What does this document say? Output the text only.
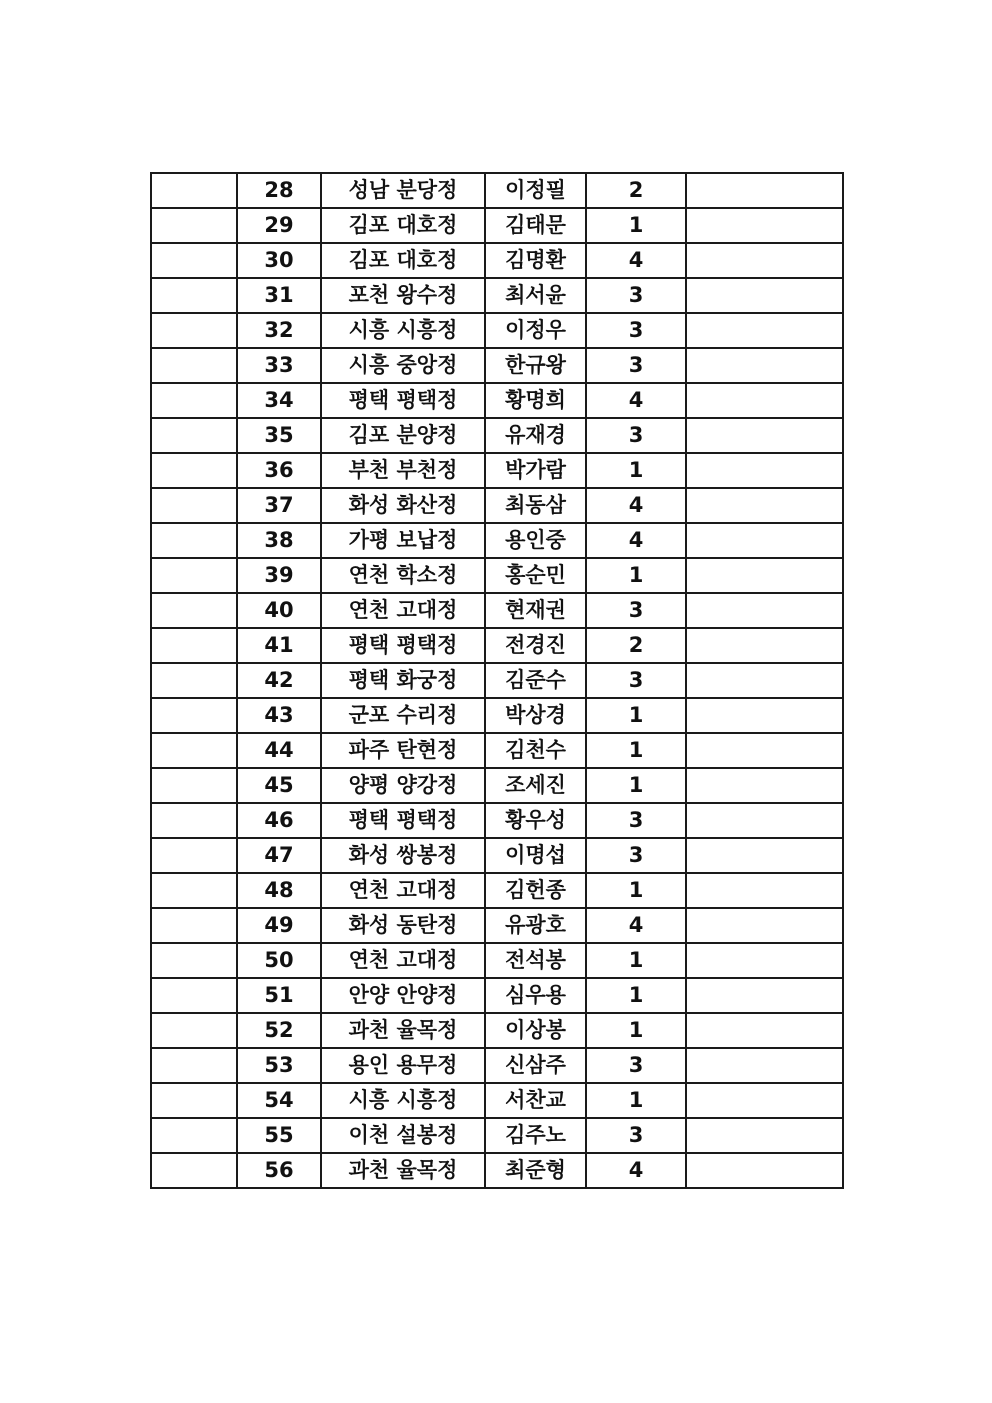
	28	성남 분당정	이정필	2	
	29	김포 대호정	김태문	1	
	30	김포 대호정	김명환	4	
	31	포천 왕수정	최서윤	3	
	32	시흥 시흥정	이정우	3	
	33	시흥 중앙정	한규왕	3	
	34	평택 평택정	황명희	4	
	35	김포 분양정	유재경	3	
	36	부천 부천정	박가람	1	
	37	화성 화산정	최동삼	4	
	38	가평 보납정	용인중	4	
	39	연천 학소정	홍순민	1	
	40	연천 고대정	현재권	3	
	41	평택 평택정	전경진	2	
	42	평택 화궁정	김준수	3	
	43	군포 수리정	박상경	1	
	44	파주 탄현정	김천수	1	
	45	양평 양강정	조세진	1	
	46	평택 평택정	황우성	3	
	47	화성 쌍봉정	이명섭	3	
	48	연천 고대정	김헌종	1	
	49	화성 동탄정	유광호	4	
	50	연천 고대정	전석봉	1	
	51	안양 안양정	심우용	1	
	52	과천 율목정	이상봉	1	
	53	용인 용무정	신삼주	3	
	54	시흥 시흥정	서찬교	1	
	55	이천 설봉정	김주노	3	
	56	과천 율목정	최준형	4	
